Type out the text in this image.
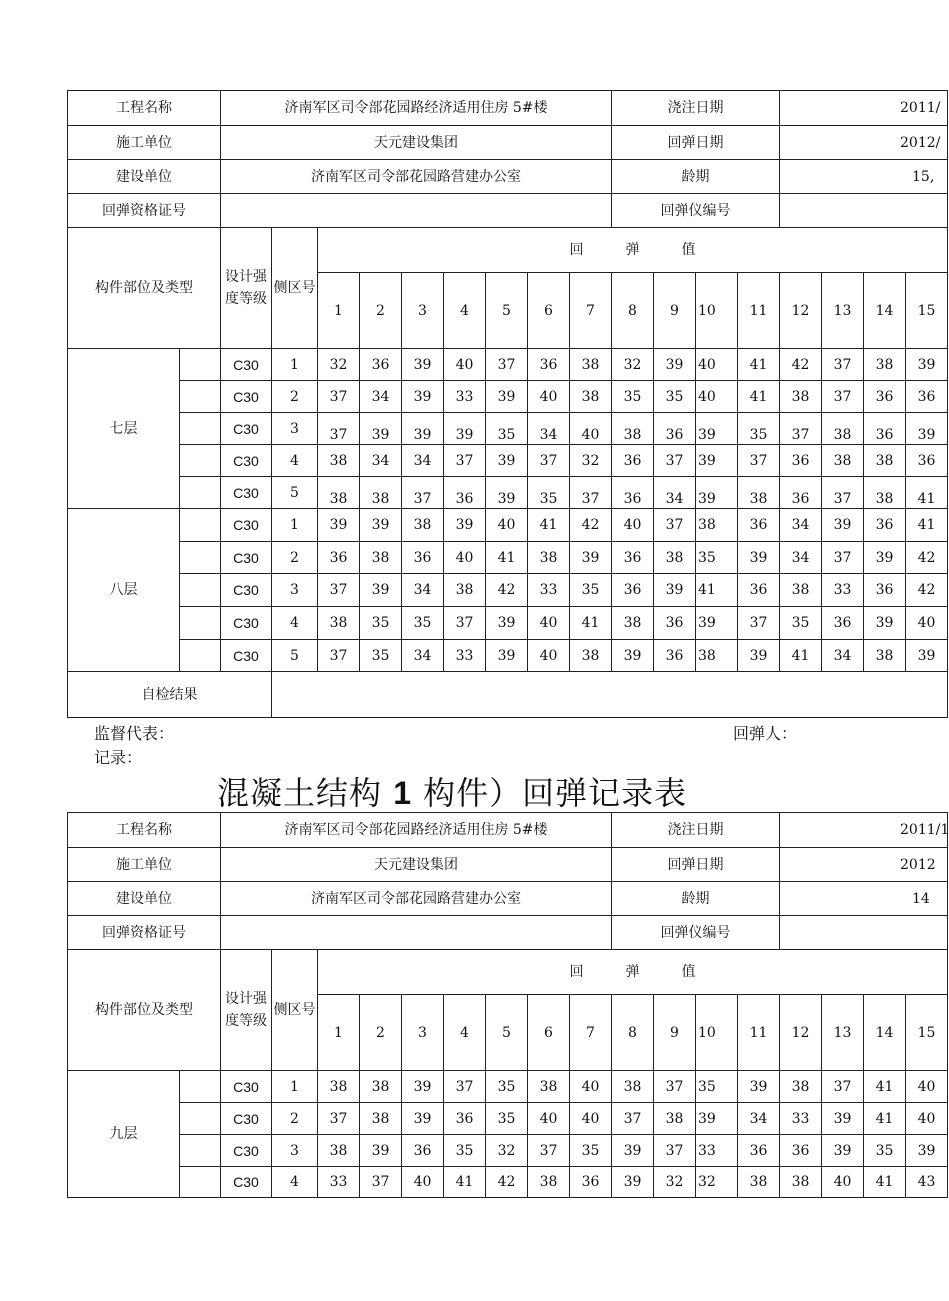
工程名称		济南军区司令部花园路经济适用住房 5#楼									浇注日期				2011/			
施工单位		天元建设集团									回弹日期				2012/			
建设单位		济南军区司令部花园路营建办公室									龄期				15,			
回弹资格证号											回弹仪编号							
构件部位及类型		设计强度等级	侧区号	回　　　弹　　　值														
				1	2	3	4	5	6	7	8	9	10	11	12	13	14	15
七层		C30	1	32	36	39	40	37	36	38	32	39	40	41	42	37	38	39
		C30	2	37	34	39	33	39	40	38	35	35	40	41	38	37	36	36
		C30	3	37	39	39	39	35	34	40	38	36	39	35	37	38	36	39
		C30	4	38	34	34	37	39	37	32	36	37	39	37	36	38	38	36
		C30	5	38	38	37	36	39	35	37	36	34	39	38	36	37	38	41
八层		C30	1	39	39	38	39	40	41	42	40	37	38	36	34	39	36	41
		C30	2	36	38	36	40	41	38	39	36	38	35	39	34	37	39	42
		C30	3	37	39	34	38	42	33	35	36	39	41	36	38	33	36	42
		C30	4	38	35	35	37	39	40	41	38	36	39	37	35	36	39	40
		C30	5	37	35	34	33	39	40	38	39	36	38	39	41	34	38	39
自检结果																		
监督代表：	回弹人：
记录：
混凝土结构 1 构件）回弹记录表
工程名称		济南军区司令部花园路经济适用住房 5#楼									浇注日期				2011/1			
施工单位		天元建设集团									回弹日期				2012			
建设单位		济南军区司令部花园路营建办公室									龄期				14			
回弹资格证号											回弹仪编号							
构件部位及类型		设计强度等级	侧区号	回　　　弹　　　值														
				1	2	3	4	5	6	7	8	9	10	11	12	13	14	15
九层		C30	1	38	38	39	37	35	38	40	38	37	35	39	38	37	41	40
		C30	2	37	38	39	36	35	40	40	37	38	39	34	33	39	41	40
		C30	3	38	39	36	35	32	37	35	39	37	33	36	36	39	35	39
		C30	4	33	37	40	41	42	38	36	39	32	32	38	38	40	41	43
